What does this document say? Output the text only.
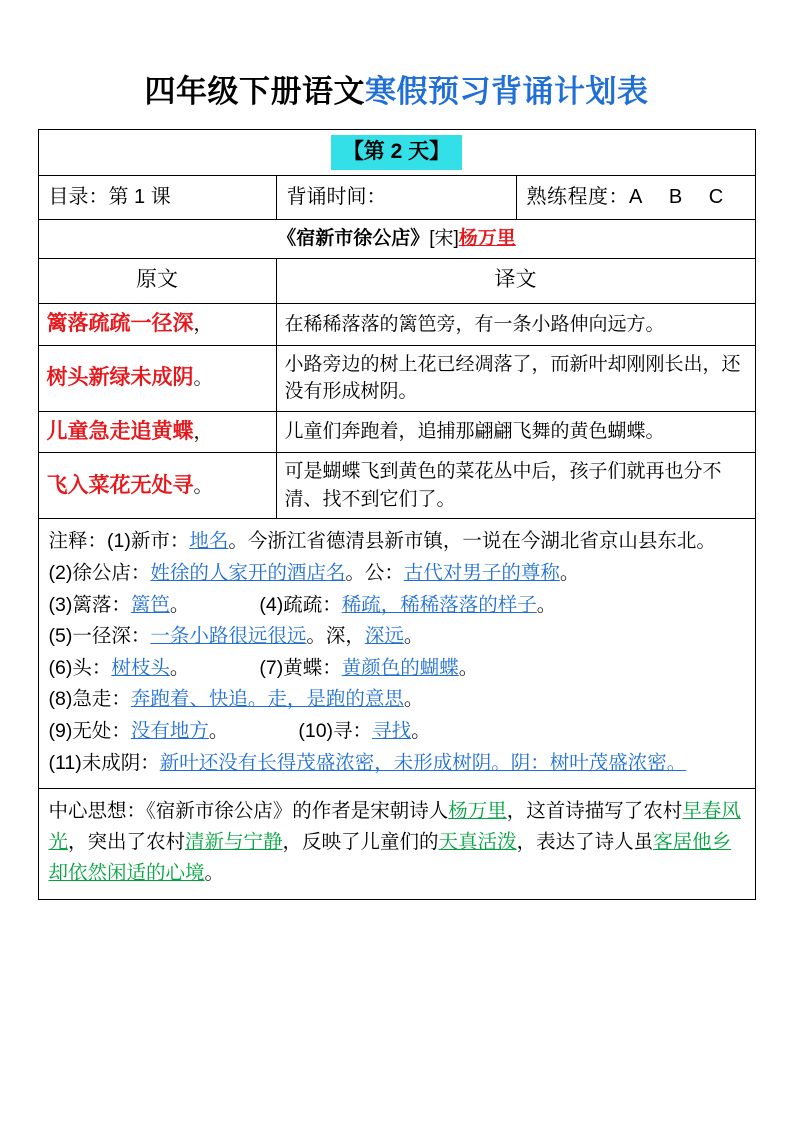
四年级下册语文寒假预习背诵计划表
【第 2 天】		
目录：第 1 课	背诵时间：	熟练程度：A B C
《宿新市徐公店》[宋]杨万里		
原文	译文	
篱落疏疏一径深，	在稀稀落落的篱笆旁，有一条小路伸向远方。	
树头新绿未成阴。	小路旁边的树上花已经凋落了，而新叶却刚刚长出，还没有形成树阴。	
儿童急走追黄蝶，	儿童们奔跑着，追捕那翩翩飞舞的黄色蝴蝶。	
飞入菜花无处寻。	可是蝴蝶飞到黄色的菜花丛中后，孩子们就再也分不清、找不到它们了。	

注释：(1)新市：地名。今浙江省德清县新市镇，一说在今湖北省京山县东北。
(2)徐公店：姓徐的人家开的酒店名。公：古代对男子的尊称。
(3)篱落：篱笆。	(4)疏疏：稀疏，稀稀落落的样子。
(5)一径深：一条小路很远很远。深，深远。
(6)头：树枝头。	(7)黄蝶：黄颜色的蝴蝶。
(8)急走：奔跑着、快追。走，是跑的意思。
(9)无处：没有地方。	(10)寻：寻找。
(11)未成阴：新叶还没有长得茂盛浓密，未形成树阴。阴：树叶茂盛浓密。

中心思想：《宿新市徐公店》的作者是宋朝诗人杨万里，这首诗描写了农村早春风光，突出了农村清新与宁静，反映了儿童们的天真活泼，表达了诗人虽客居他乡却依然闲适的心境。		
